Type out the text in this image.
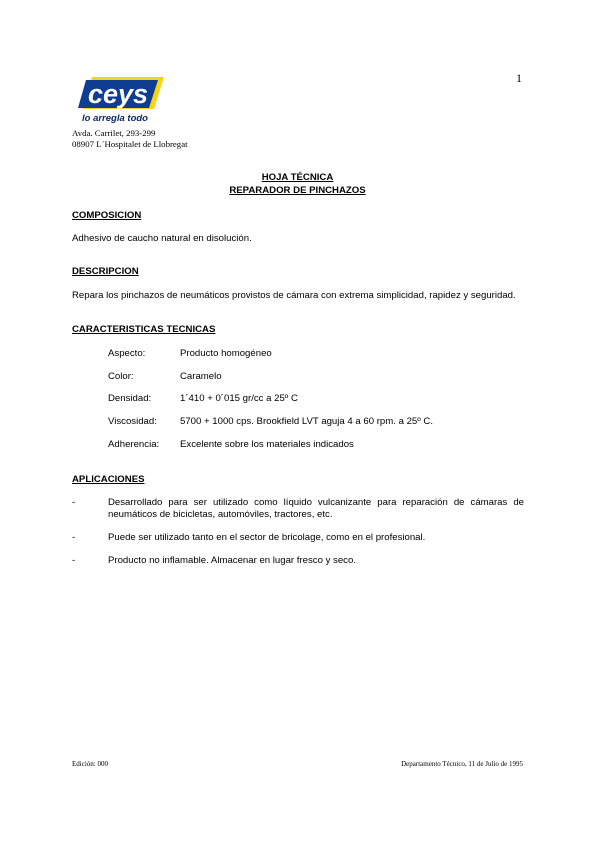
ceys
lo arregla todo
1
Avda. Carrilet, 293-299
08907 L´Hospitalet de Llobregat
HOJA TÉCNICA
REPARADOR DE PINCHAZOS
COMPOSICION
Adhesivo de caucho natural en disolución.
DESCRIPCION
Repara los pinchazos de neumáticos provistos de cámara con extrema simplicidad, rapidez y seguridad.
CARACTERISTICAS TECNICAS
Aspecto:	Producto homogéneo
Color:	Caramelo
Densidad:	1´410 + 0´015 gr/cc a 25º C
Viscosidad: 5700 + 1000 cps. Brookfield LVT aguja 4 a 60 rpm. a 25º C.
Adherencia: Excelente sobre los materiales indicados
APLICACIONES
-	Desarrollado para ser utilizado como líquido vulcanizante para reparación de cámaras de neumáticos de bicicletas, automóviles, tractores, etc.
-	Puede ser utilizado tanto en el sector de bricolage, como en el profesional.
-	Producto no inflamable. Almacenar en lugar fresco y seco.
Edición: 000	Departamento Técnico, 11 de Julio de 1995
